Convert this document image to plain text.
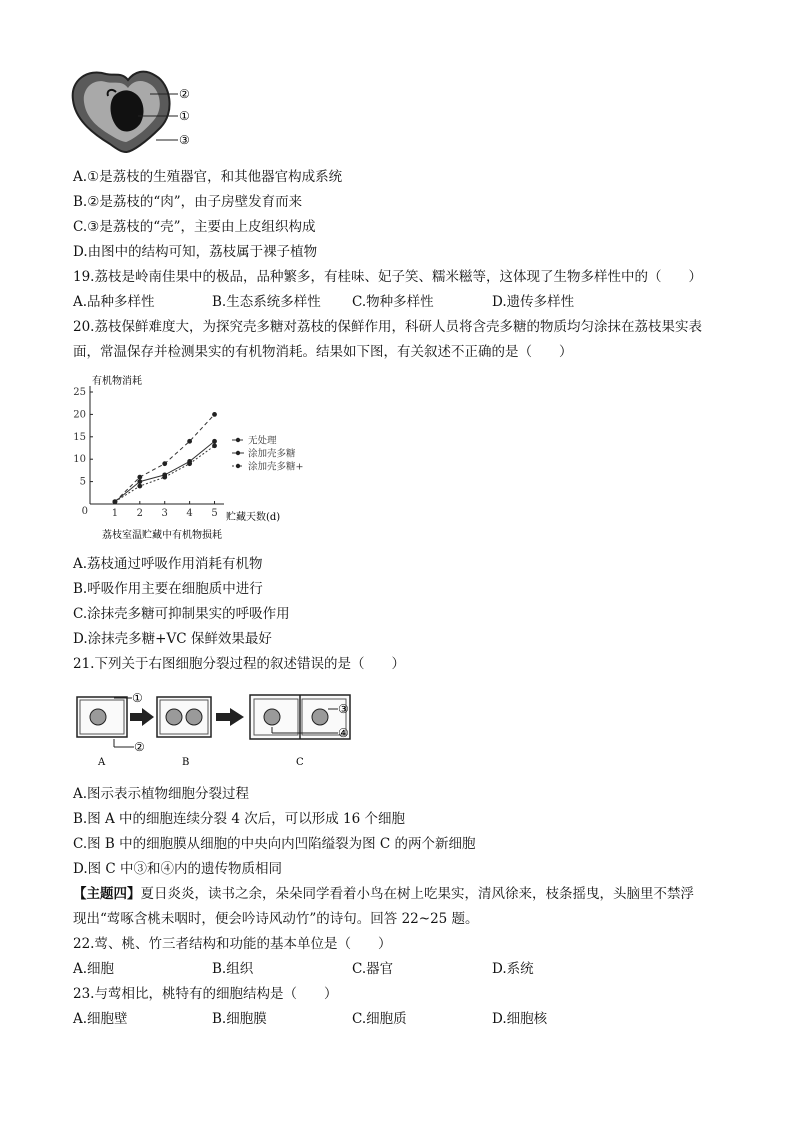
②
①
③
A.①是荔枝的生殖器官，和其他器官构成系统
B.②是荔枝的“肉”，由子房壁发育而来
C.③是荔枝的“壳”，主要由上皮组织构成
D.由图中的结构可知，荔枝属于裸子植物
19.荔枝是岭南佳果中的极品，品种繁多，有桂味、妃子笑、糯米糍等，这体现了生物多样性中的（　　）
A.品种多样性	B.生态系统多样性 C.物种多样性	D.遗传多样性
20.荔枝保鲜难度大，为探究壳多糖对荔枝的保鲜作用，科研人员将含壳多糖的物质均匀涂抹在荔枝果实表
面，常温保存并检测果实的有机物消耗。结果如下图，有关叙述不正确的是（　　）
0
5
10
15
20
25
1 2 3 4 5
无处理
涂加壳多糖
涂加壳多糖+
有机物消耗
贮藏天数(d)
荔枝室温贮藏中有机物损耗
A.荔枝通过呼吸作用消耗有机物
B.呼吸作用主要在细胞质中进行
C.涂抹壳多糖可抑制果实的呼吸作用
D.涂抹壳多糖+VC 保鲜效果最好
21.下列关于右图细胞分裂过程的叙述错误的是（　　）
①
②
A	B
③
④
C
A.图示表示植物细胞分裂过程
B.图 A 中的细胞连续分裂 4 次后，可以形成 16 个细胞
C.图 B 中的细胞膜从细胞的中央向内凹陷缢裂为图 C 的两个新细胞
D.图 C 中③和④内的遗传物质相同
【主题四】夏日炎炎，读书之余，朵朵同学看着小鸟在树上吃果实，清风徐来，枝条摇曳，头脑里不禁浮
现出“莺啄含桃未咽时，便会吟诗风动竹”的诗句。回答 22~25 题。
22.莺、桃、竹三者结构和功能的基本单位是（　　）
A.细胞	B.组织	C.器官	D.系统
23.与莺相比，桃特有的细胞结构是（　　）
A.细胞壁	B.细胞膜	C.细胞质	D.细胞核
